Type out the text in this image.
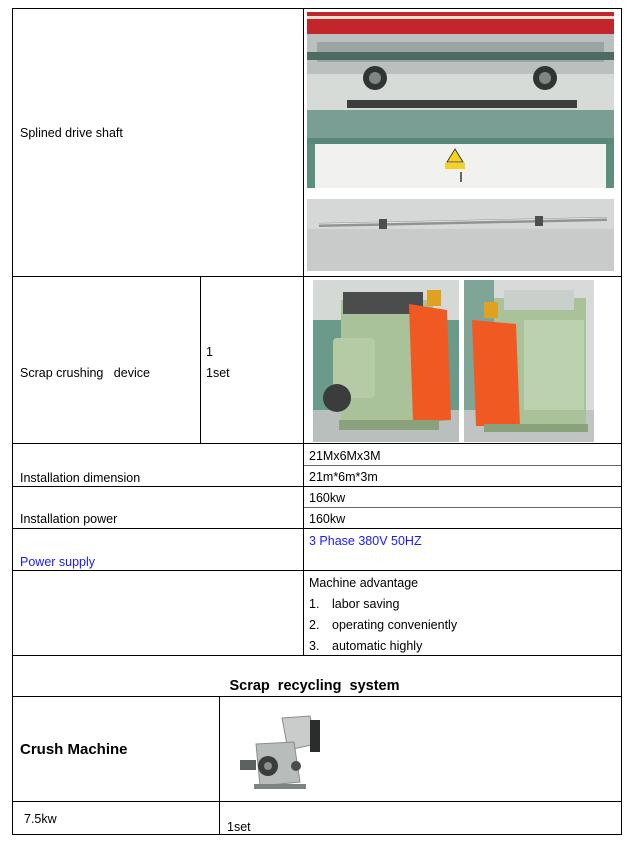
Splined drive shaft
Scrap crushing   device
1
1set
Installation dimension
21Mx6Mx3M
21m*6m*3m
Installation power
160kw
160kw
Power supply
3 Phase 380V 50HZ
Machine advantage
1. labor saving
2. operating conveniently
3. automatic highly
Scrap  recycling  system
Crush Machine
7.5kw
1set
